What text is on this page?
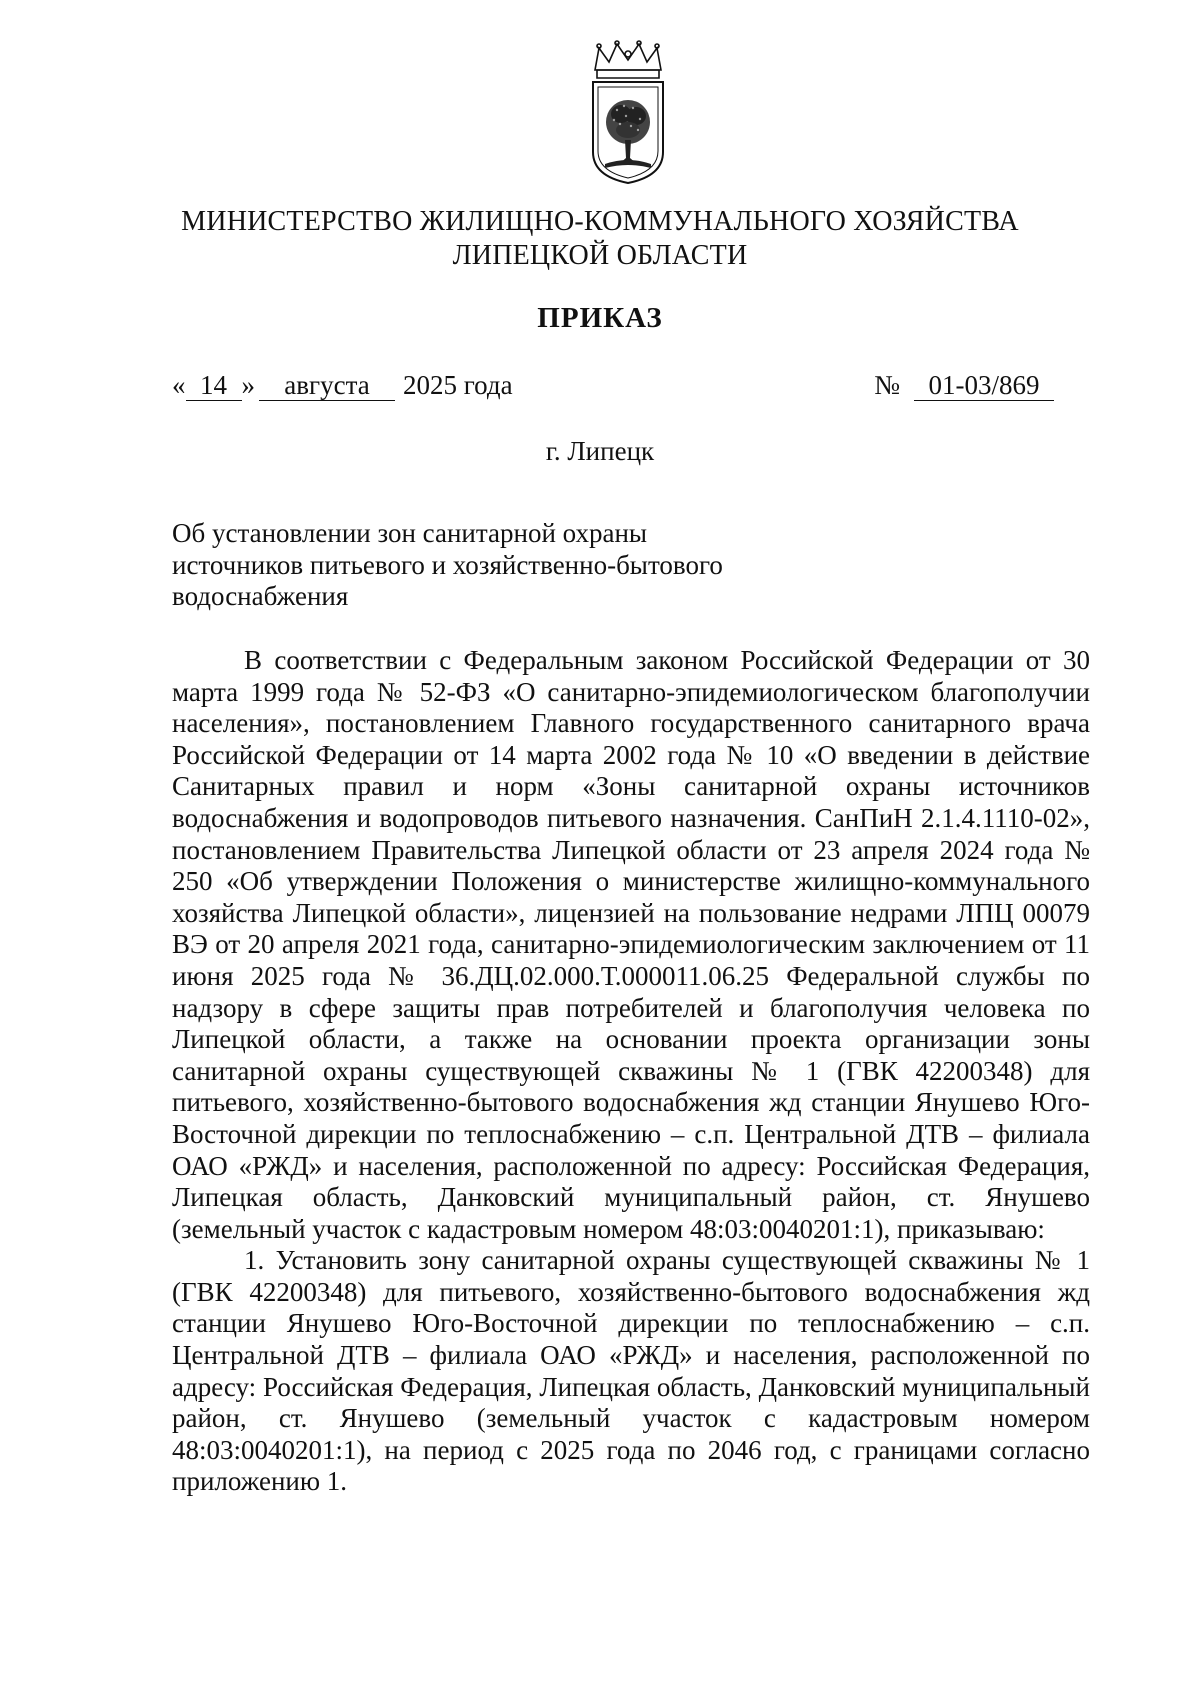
МИНИСТЕРСТВО ЖИЛИЩНО-КОММУНАЛЬНОГО ХОЗЯЙСТВА
ЛИПЕЦКОЙ ОБЛАСТИ
ПРИКАЗ
« 14 » августа 2025 года	№ 01-03/869
г. Липецк
Об установлении зон санитарной охраны
источников питьевого и хозяйственно-бытового
водоснабжения

В соответствии с Федеральным законом Российской Федерации от 30 марта 1999 года № 52-ФЗ «О санитарно-эпидемиологическом благополучии населения», постановлением Главного государственного санитарного врача Российской Федерации от 14 марта 2002 года № 10 «О введении в действие Санитарных правил и норм «Зоны санитарной охраны источников водоснабжения и водопроводов питьевого назначения. СанПиН 2.1.4.1110-02», постановлением Правительства Липецкой области от 23 апреля 2024 года № 250 «Об утверждении Положения о министерстве жилищно-коммунального хозяйства Липецкой области», лицензией на пользование недрами ЛПЦ 00079 ВЭ от 20 апреля 2021 года, санитарно-эпидемиологическим заключением от 11 июня 2025 года № 36.ДЦ.02.000.Т.000011.06.25 Федеральной службы по надзору в сфере защиты прав потребителей и благополучия человека по Липецкой области, а также на основании проекта организации зоны санитарной охраны существующей скважины № 1 (ГВК 42200348) для питьевого, хозяйственно-бытового водоснабжения жд станции Янушево Юго-Восточной дирекции по теплоснабжению – с.п. Центральной ДТВ – филиала ОАО «РЖД» и населения, расположенной по адресу: Российская Федерация, Липецкая область, Данковский муниципальный район, ст. Янушево (земельный участок с кадастровым номером 48:03:0040201:1), приказываю:

1. Установить зону санитарной охраны существующей скважины № 1 (ГВК 42200348) для питьевого, хозяйственно-бытового водоснабжения жд станции Янушево Юго-Восточной дирекции по теплоснабжению – с.п. Центральной ДТВ – филиала ОАО «РЖД» и населения, расположенной по адресу: Российская Федерация, Липецкая область, Данковский муниципальный район, ст. Янушево (земельный участок с кадастровым номером 48:03:0040201:1), на период с 2025 года по 2046 год, с границами согласно приложению 1.
